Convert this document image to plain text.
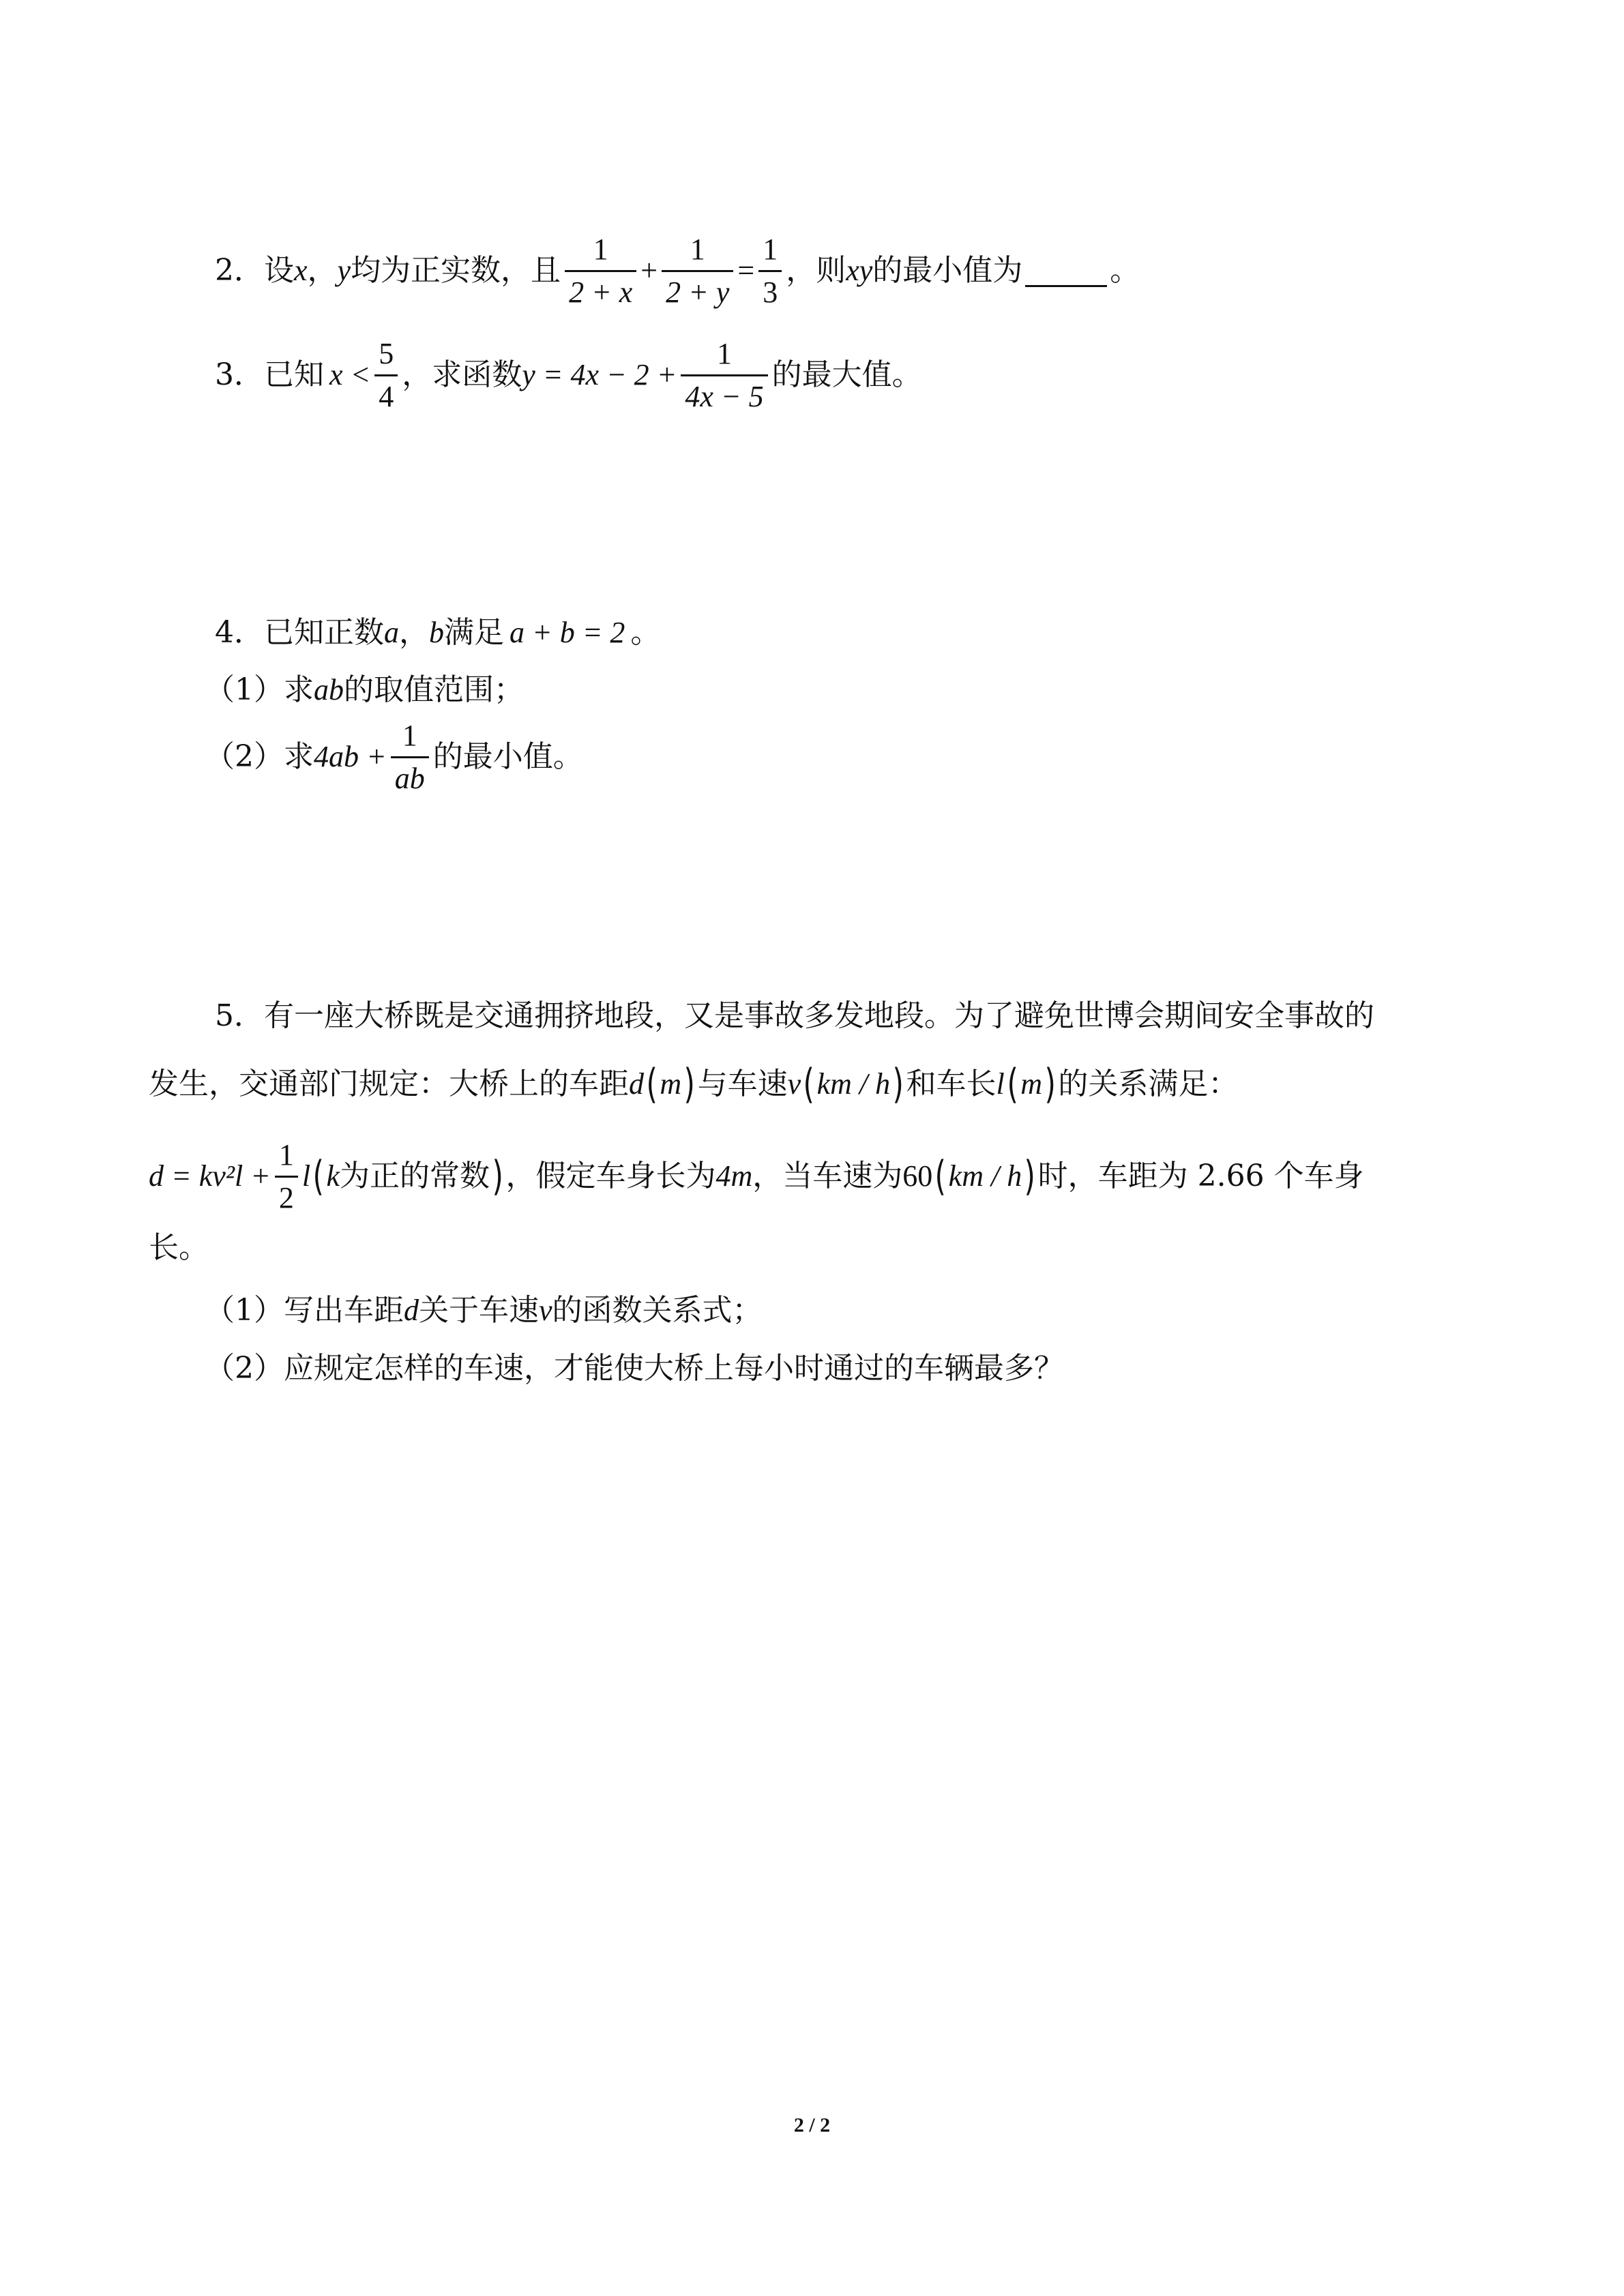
2．设 x ， y 均为正实数，且 $\frac{1}{2 + x} + \frac{1}{2 + y} = \frac{1}{3}$ ，则 xy 的最小值为	。
3．已知 $x < \frac{5}{4}$ ，求函数 $y = 4x - 2 + \frac{1}{4x - 5}$ 的最大值。
4．已知正数 a ， b 满足 a + b = 2 。
（1）求 ab 的取值范围；
（2）求 $4ab + \frac{1}{ab}$ 的最小值。
5．有一座大桥既是交通拥挤地段，又是事故多发地段。为了避免世博会期间安全事故的
发生，交通部门规定：大桥上的车距 d ( m ) 与车速 v ( km / h ) 和车长 l ( m ) 的关系满足：
$d = kv^2l + \frac{1}{2}$ l ( k 为正的常数 ) ，假定车身长为 4m ，当车速为 60 ( km / h ) 时，车距为 2.66 个车身
长。
（1）写出车距 d 关于车速 v 的函数关系式；
（2）应规定怎样的车速，才能使大桥上每小时通过的车辆最多？
2 / 2
